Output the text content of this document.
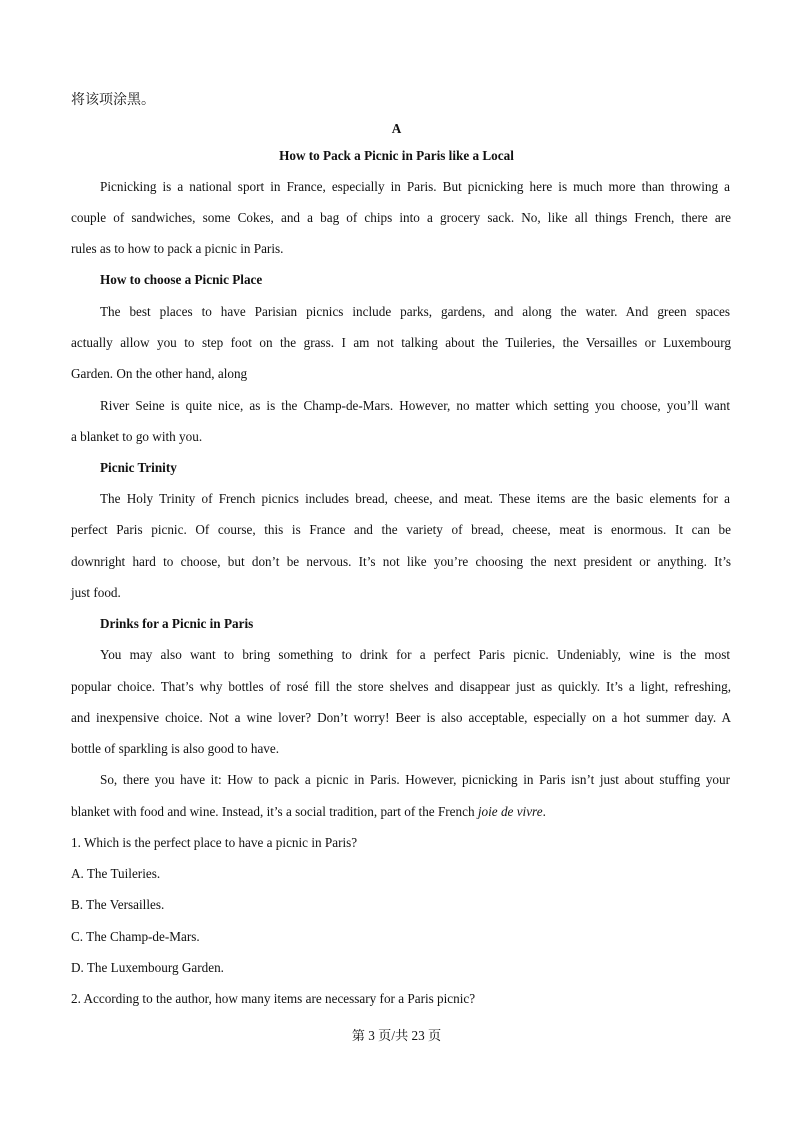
将该项涂黑。
A
How to Pack a Picnic in Paris like a Local
Picnicking is a national sport in France, especially in Paris. But picnicking here is much more than throwing a
couple of sandwiches, some Cokes, and a bag of chips into a grocery sack. No, like all things French, there are
rules as to how to pack a picnic in Paris.
How to choose a Picnic Place
The best places to have Parisian picnics include parks, gardens, and along the water. And green spaces
actually allow you to step foot on the grass. I am not talking about the Tuileries, the Versailles or Luxembourg
Garden. On the other hand, along
River Seine is quite nice, as is the Champ-de-Mars. However, no matter which setting you choose, you’ll want
a blanket to go with you.
Picnic Trinity
The Holy Trinity of French picnics includes bread, cheese, and meat. These items are the basic elements for a
perfect Paris picnic. Of course, this is France and the variety of bread, cheese, meat is enormous. It can be
downright hard to choose, but don’t be nervous. It’s not like you’re choosing the next president or anything. It’s
just food.
Drinks for a Picnic in Paris
You may also want to bring something to drink for a perfect Paris picnic. Undeniably, wine is the most
popular choice. That’s why bottles of rosé fill the store shelves and disappear just as quickly. It’s a light, refreshing,
and inexpensive choice. Not a wine lover? Don’t worry! Beer is also acceptable, especially on a hot summer day. A
bottle of sparkling is also good to have.
So, there you have it: How to pack a picnic in Paris. However, picnicking in Paris isn’t just about stuffing your
blanket with food and wine. Instead, it’s a social tradition, part of the French joie de vivre.
1. Which is the perfect place to have a picnic in Paris?
A. The Tuileries.
B. The Versailles.
C. The Champ-de-Mars.
D. The Luxembourg Garden.
2. According to the author, how many items are necessary for a Paris picnic?
第 3 页/共 23 页
